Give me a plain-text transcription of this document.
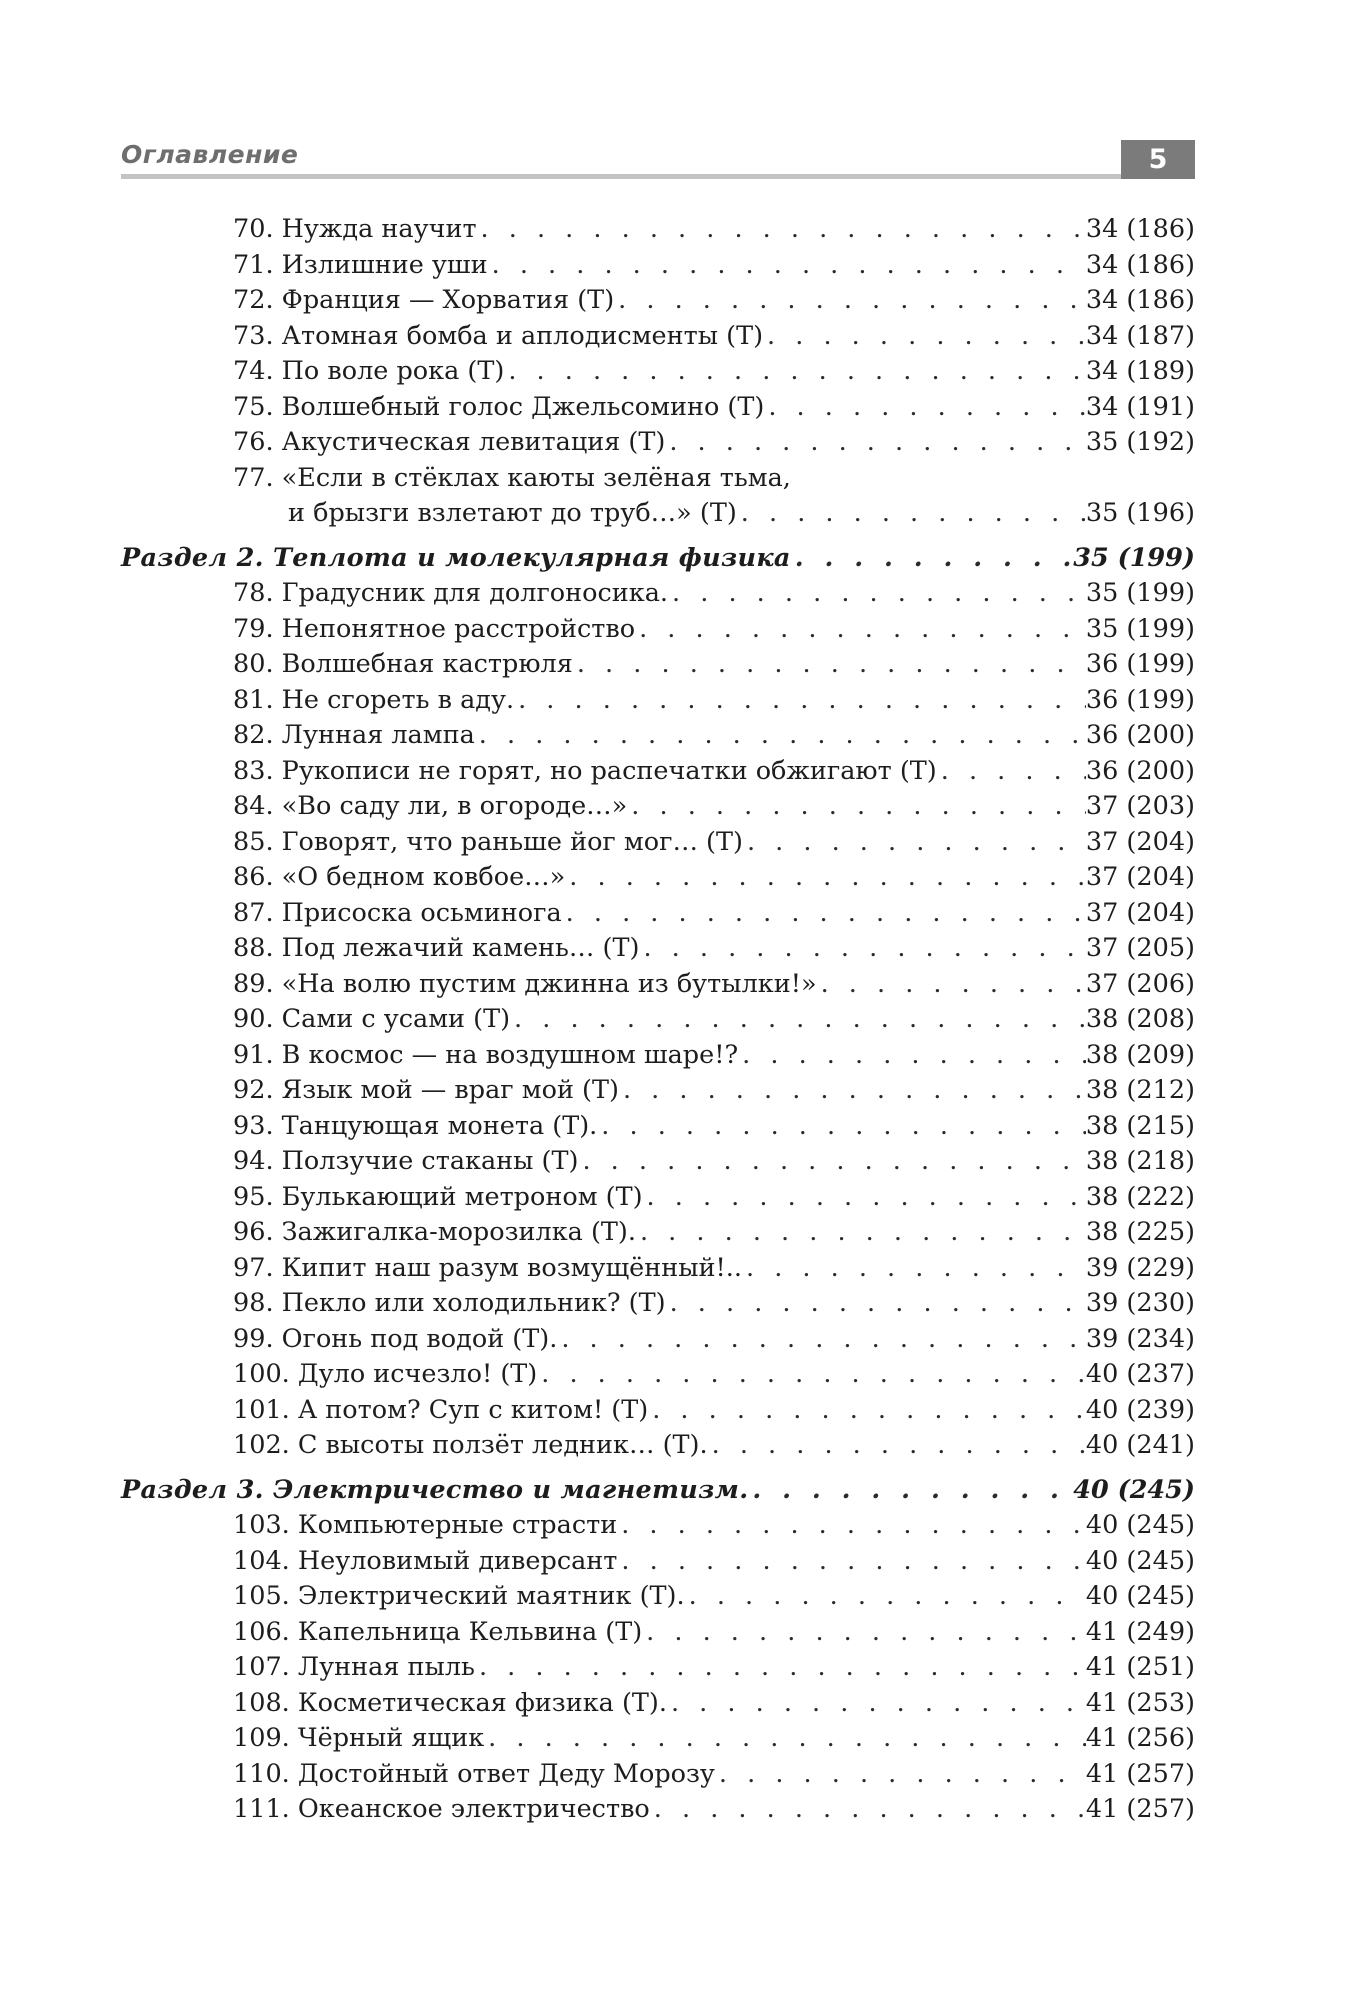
Оглавление	5
70. Нужда научит . . .	34 (186)
71. Излишние уши . . .	34 (186)
72. Франция — Хорватия (Т) . . .	34 (186)
73. Атомная бомба и аплодисменты (Т) . . .	34 (187)
74. По воле рока (Т) . . .	34 (189)
75. Волшебный голос Джельсомино (Т) . . .	34 (191)
76. Акустическая левитация (Т) . . .	35 (192)
77. «Если в стёклах каюты зелёная тьма,
и брызги взлетают до труб…» (Т) . . .	35 (196)
Раздел 2. Теплота и молекулярная физика . . .	35 (199)
78. Градусник для долгоносика. . . .	35 (199)
79. Непонятное расстройство . . .	35 (199)
80. Волшебная кастрюля . . .	36 (199)
81. Не сгореть в аду. . . .	36 (199)
82. Лунная лампа . . .	36 (200)
83. Рукописи не горят, но распечатки обжигают (Т) . . .	36 (200)
84. «Во саду ли, в огороде…» . . .	37 (203)
85. Говорят, что раньше йог мог… (Т) . . .	37 (204)
86. «О бедном ковбое…» . . .	37 (204)
87. Присоска осьминога . . .	37 (204)
88. Под лежачий камень… (Т) . . .	37 (205)
89. «На волю пустим джинна из бутылки!» . . .	37 (206)
90. Сами с усами (Т) . . .	38 (208)
91. В космос — на воздушном шаре!? . . .	38 (209)
92. Язык мой — враг мой (Т) . . .	38 (212)
93. Танцующая монета (Т). . . .	38 (215)
94. Ползучие стаканы (Т) . . .	38 (218)
95. Булькающий метроном (Т) . . .	38 (222)
96. Зажигалка-морозилка (Т). . . .	38 (225)
97. Кипит наш разум возмущённый!.. . . .	39 (229)
98. Пекло или холодильник? (Т) . . .	39 (230)
99. Огонь под водой (Т). . . .	39 (234)
100. Дуло исчезло! (Т) . . .	40 (237)
101. А потом? Суп с китом! (Т) . . .	40 (239)
102. С высоты ползёт ледник… (Т). . . .	40 (241)
Раздел 3. Электричество и магнетизм. . . .	40 (245)
103. Компьютерные страсти . . .	40 (245)
104. Неуловимый диверсант . . .	40 (245)
105. Электрический маятник (Т). . . .	40 (245)
106. Капельница Кельвина (Т) . . .	41 (249)
107. Лунная пыль . . .	41 (251)
108. Косметическая физика (Т). . . .	41 (253)
109. Чёрный ящик . . .	41 (256)
110. Достойный ответ Деду Морозу . . .	41 (257)
111. Океанское электричество . . .	41 (257)
